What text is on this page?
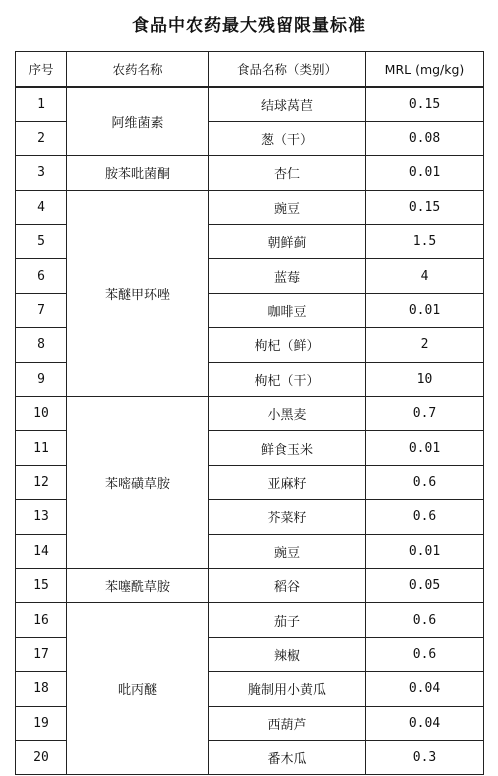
食品中农药最大残留限量标准
序号	农药名称	食品名称（类别）	MRL (mg/kg)
1	阿维菌素	结球莴苣	0.15
2		葱（干）	0.08
3	胺苯吡菌酮	杏仁	0.01
4	苯醚甲环唑	豌豆	0.15
5		朝鲜蓟	1.5
6		蓝莓	4
7		咖啡豆	0.01
8		枸杞（鲜）	2
9		枸杞（干）	10
10	苯嘧磺草胺	小黑麦	0.7
11		鲜食玉米	0.01
12		亚麻籽	0.6
13		芥菜籽	0.6
14		豌豆	0.01
15	苯噻酰草胺	稻谷	0.05
16	吡丙醚	茄子	0.6
17		辣椒	0.6
18		腌制用小黄瓜	0.04
19		西葫芦	0.04
20		番木瓜	0.3
